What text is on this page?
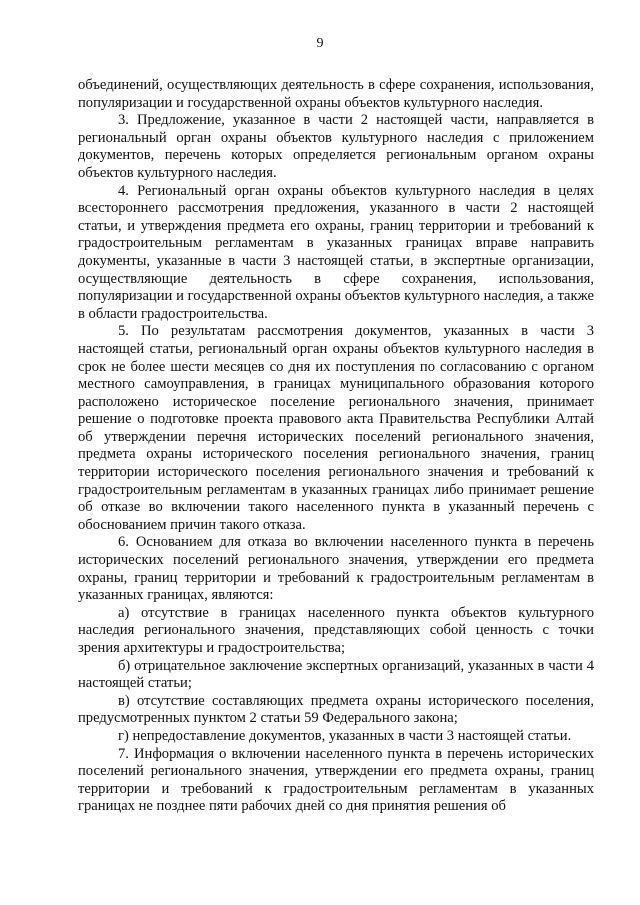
9

объединений, осуществляющих деятельность в сфере сохранения, использования, популяризации и государственной охраны объектов культурного наследия.

3. Предложение, указанное в части 2 настоящей части, направляется в региональный орган охраны объектов культурного наследия с приложением документов, перечень которых определяется региональным органом охраны объектов культурного наследия.

4. Региональный орган охраны объектов культурного наследия в целях всестороннего рассмотрения предложения, указанного в части 2 настоящей статьи, и утверждения предмета его охраны, границ территории и требований к градостроительным регламентам в указанных границах вправе направить документы, указанные в части 3 настоящей статьи, в экспертные организации, осуществляющие деятельность в сфере сохранения, использования, популяризации и государственной охраны объектов культурного наследия, а также в области градостроительства.

5. По результатам рассмотрения документов, указанных в части 3 настоящей статьи, региональный орган охраны объектов культурного наследия в срок не более шести месяцев со дня их поступления по согласованию с органом местного самоуправления, в границах муниципального образования которого расположено историческое поселение регионального значения, принимает решение о подготовке проекта правового акта Правительства Республики Алтай об утверждении перечня исторических поселений регионального значения, предмета охраны исторического поселения регионального значения, границ территории исторического поселения регионального значения и требований к градостроительным регламентам в указанных границах либо принимает решение об отказе во включении такого населенного пункта в указанный перечень с обоснованием причин такого отказа.

6. Основанием для отказа во включении населенного пункта в перечень исторических поселений регионального значения, утверждении его предмета охраны, границ территории и требований к градостроительным регламентам в указанных границах, являются:

а) отсутствие в границах населенного пункта объектов культурного наследия регионального значения, представляющих собой ценность с точки зрения архитектуры и градостроительства;

б) отрицательное заключение экспертных организаций, указанных в части 4 настоящей статьи;

в) отсутствие составляющих предмета охраны исторического поселения, предусмотренных пунктом 2 статьи 59 Федерального закона;

г) непредоставление документов, указанных в части 3 настоящей статьи.

7. Информация о включении населенного пункта в перечень исторических поселений регионального значения, утверждении его предмета охраны, границ территории и требований к градостроительным регламентам в указанных границах не позднее пяти рабочих дней со дня принятия решения об
